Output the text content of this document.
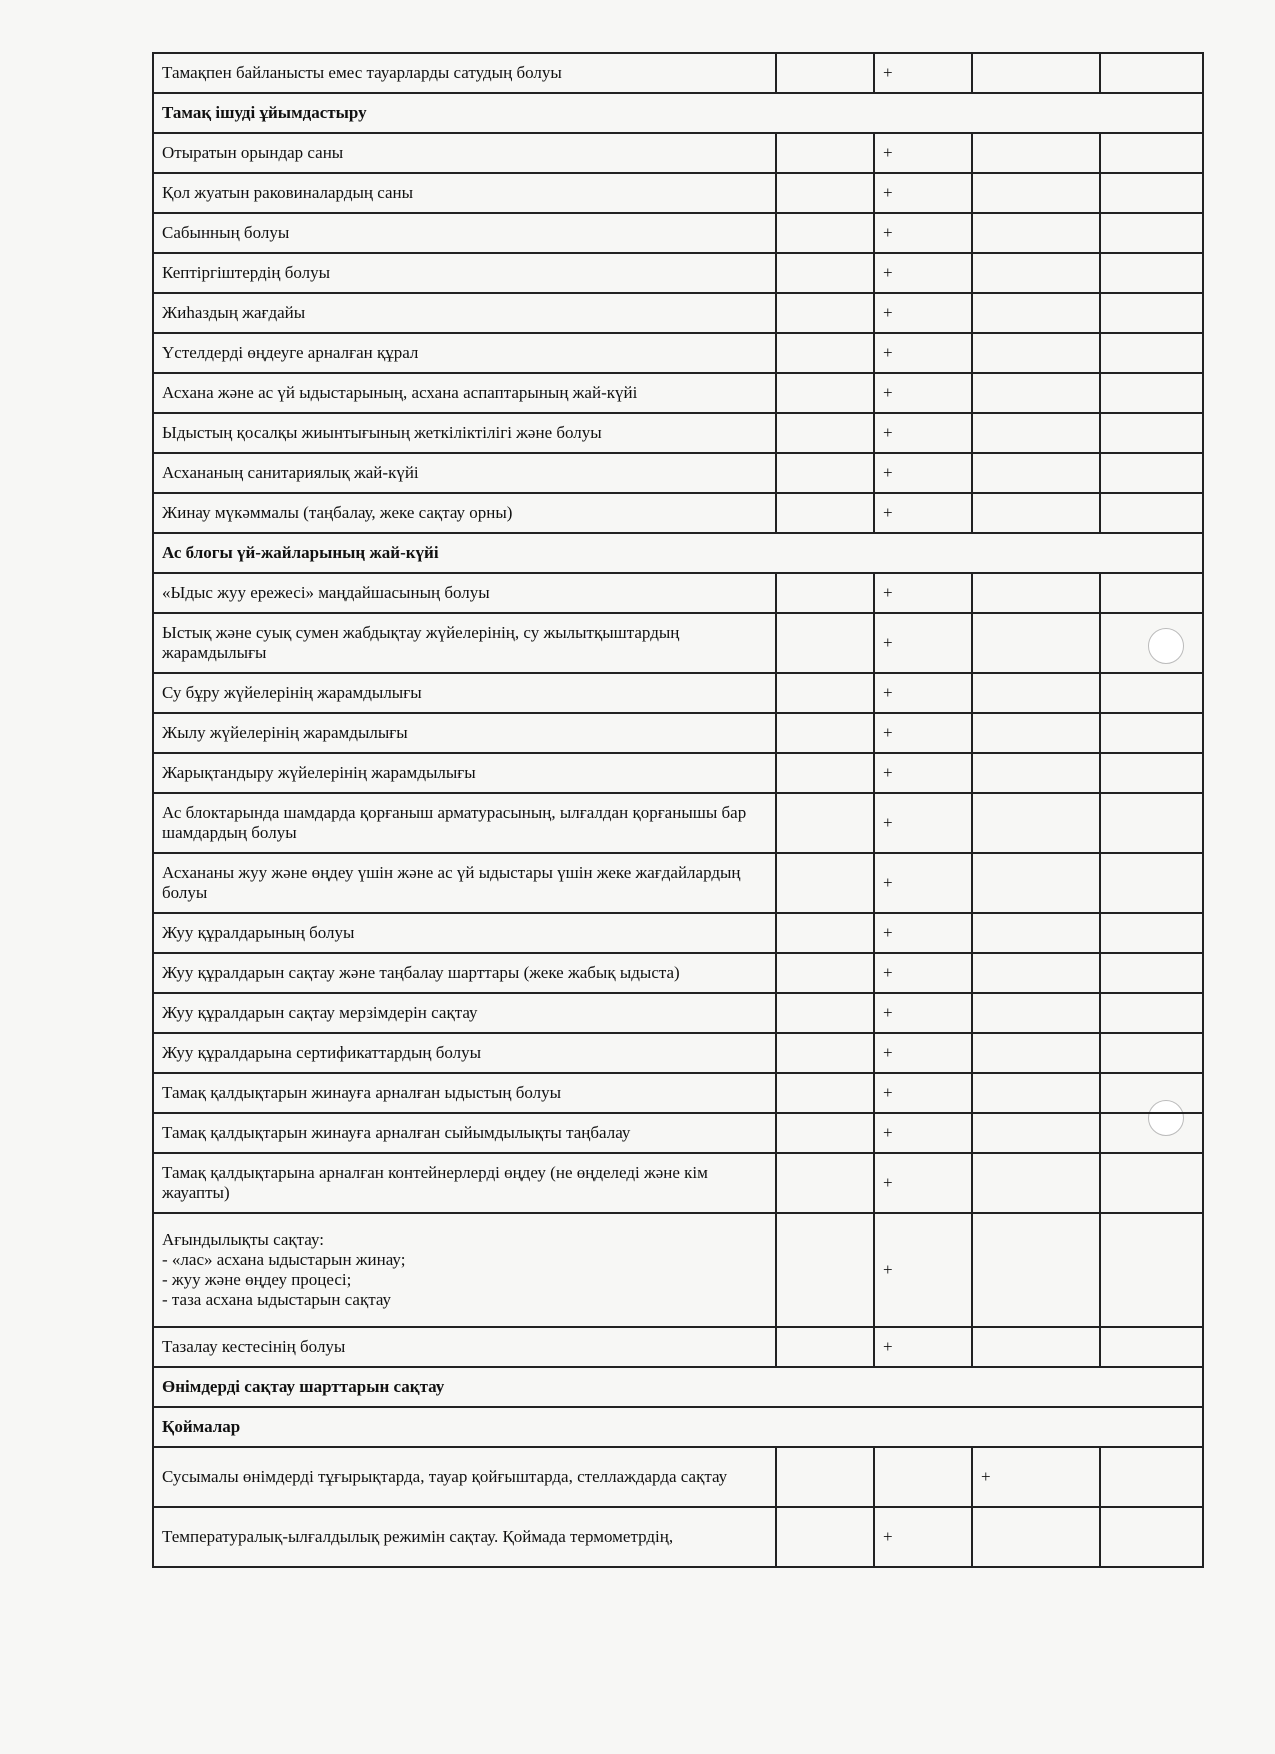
Тамақпен байланысты емес тауарларды сатудың болуы		+		
Тамақ ішуді ұйымдастыру				
Отыратын орындар саны		+		
Қол жуатын раковиналардың саны		+		
Сабынның болуы		+		
Кептіргіштердің болуы		+		
Жиһаздың жағдайы		+		
Үстелдерді өңдеуге арналған құрал		+		
Асхана және ас үй ыдыстарының, асхана аспаптарының жай-күйі		+		
Ыдыстың қосалқы жиынтығының жеткіліктілігі және болуы		+		
Асхананың санитариялық жай-күйі		+		
Жинау мүкәммалы (таңбалау, жеке сақтау орны)		+		
Ас блогы үй-жайларының жай-күйі				
«Ыдыс жуу ережесі» маңдайшасының болуы		+		
Ыстық және суық сумен жабдықтау жүйелерінің, су жылытқыштардың жарамдылығы		+		
Су бұру жүйелерінің жарамдылығы		+		
Жылу жүйелерінің жарамдылығы		+		
Жарықтандыру жүйелерінің жарамдылығы		+		
Ас блоктарында шамдарда қорғаныш арматурасының, ылғалдан қорғанышы бар шамдардың болуы		+		
Асхананы жуу және өңдеу үшін және ас үй ыдыстары үшін жеке жағдайлардың болуы		+		
Жуу құралдарының болуы		+		
Жуу құралдарын сақтау және таңбалау шарттары (жеке жабық ыдыста)		+		
Жуу құралдарын сақтау мерзімдерін сақтау		+		
Жуу құралдарына сертификаттардың болуы		+		
Тамақ қалдықтарын жинауға арналған ыдыстың болуы		+		
Тамақ қалдықтарын жинауға арналған сыйымдылықты таңбалау		+		
Тамақ қалдықтарына арналған контейнерлерді өңдеу (не өңделеді және кім жауапты)		+		
Ағындылықты сақтау:
- «лас» асхана ыдыстарын жинау;
- жуу және өңдеу процесі;
- таза асхана ыдыстарын сақтау		+		
Тазалау кестесінің болуы		+		
Өнімдерді сақтау шарттарын сақтау				
Қоймалар				
Сусымалы өнімдерді тұғырықтарда, тауар қойғыштарда, стеллаждарда сақтау			+	
Температуралық-ылғалдылық режимін сақтау. Қоймада термометрдің,		+		
